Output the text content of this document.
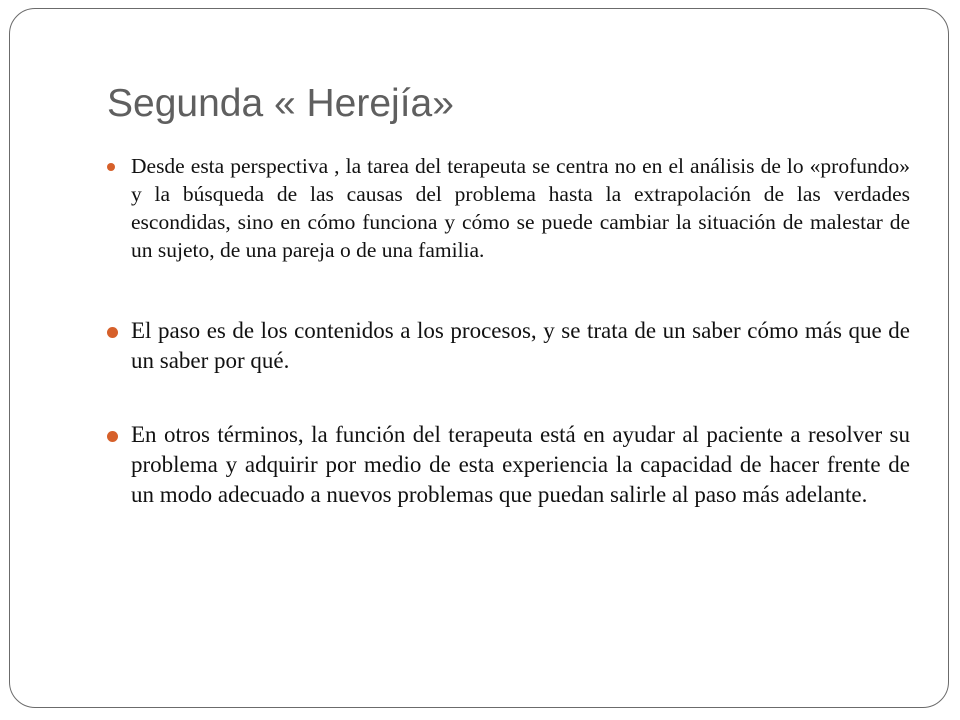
Segunda « Herejía»
Desde esta perspectiva , la tarea del terapeuta se centra no en el análisis de lo «profundo» y la búsqueda de las causas del problema hasta la extrapolación de las verdades escondidas, sino en cómo funciona y cómo se puede cambiar la situación de malestar de un sujeto, de una pareja o de una familia.
El paso es de los contenidos a los procesos, y se trata de un saber cómo más que de un saber por qué.
En otros términos, la función del terapeuta está en ayudar al paciente a resolver su problema y adquirir por medio de esta experiencia la capacidad de hacer frente de un modo adecuado a nuevos problemas que puedan salirle al paso más adelante.
